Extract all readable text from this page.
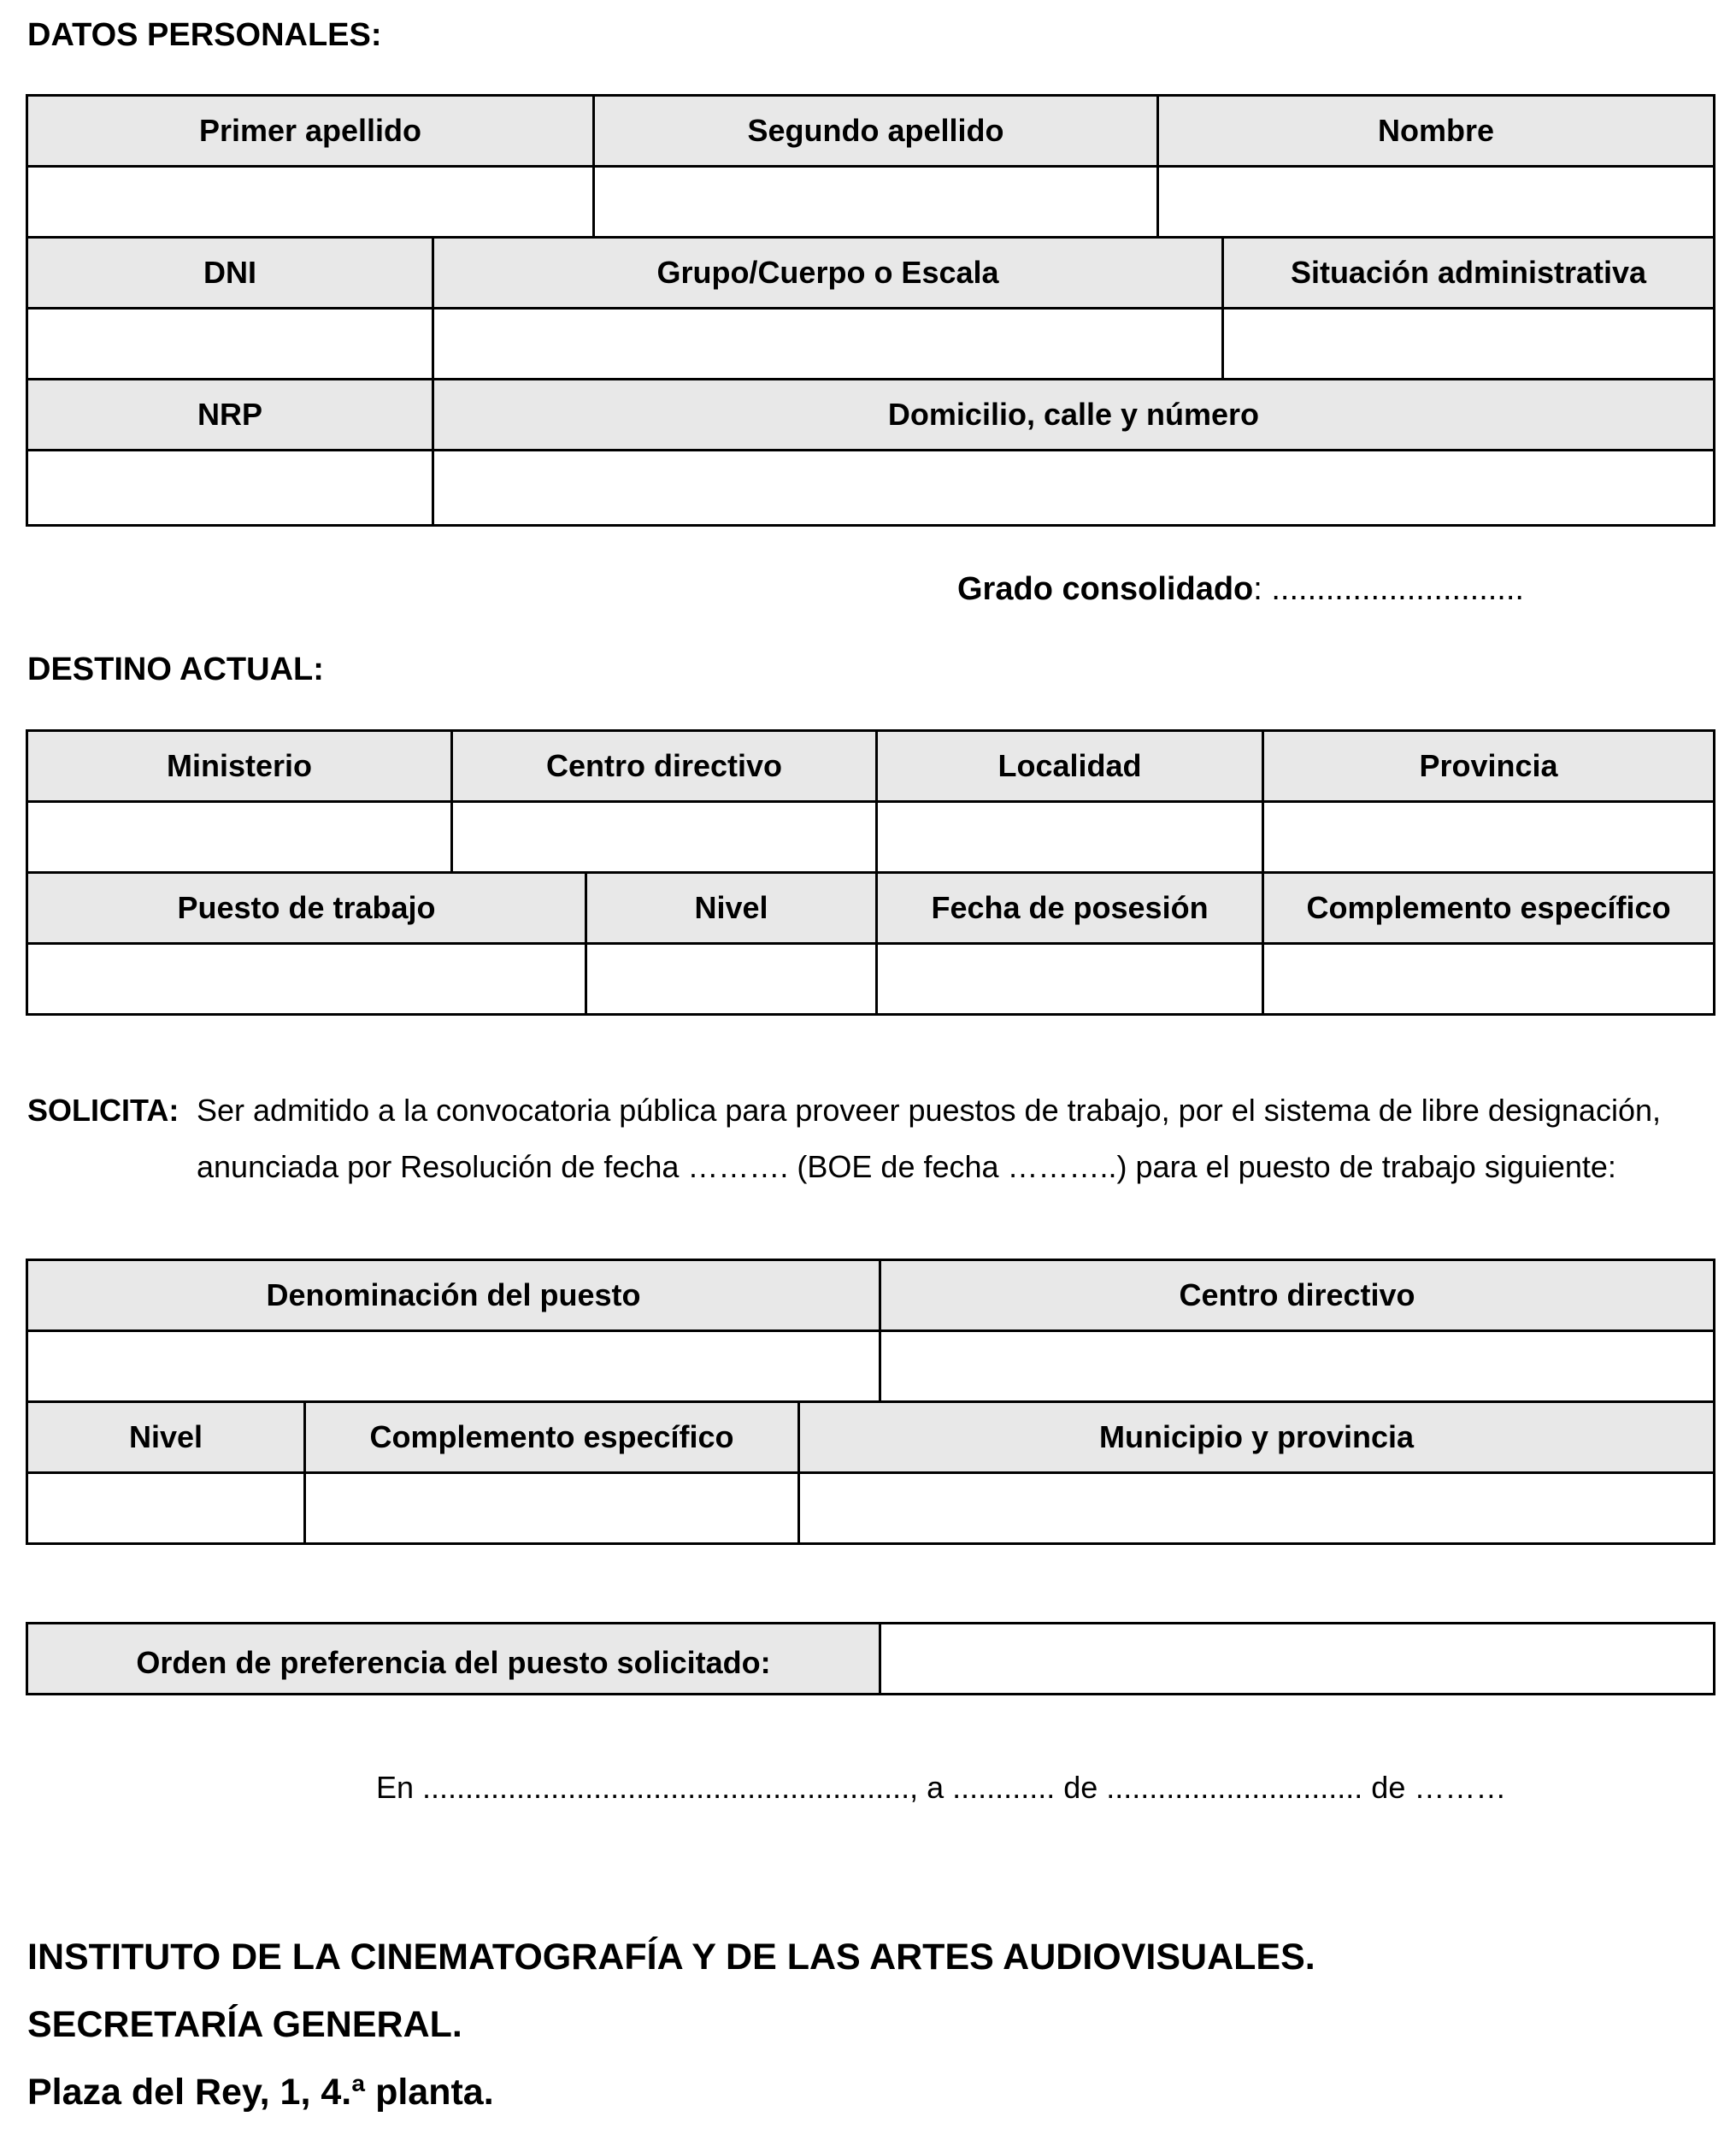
DATOS PERSONALES:
Primer apellido		Segundo apellido	Nombre	

DNI	Grupo/Cuerpo o Escala			Situación administrativa

NRP	Domicilio, calle y número			

Grado consolidado: ............................
DESTINO ACTUAL:
Ministerio	Centro directivo		Localidad	Provincia

Puesto de trabajo		Nivel	Fecha de posesión	Complemento específico

SOLICITA: Ser admitido a la convocatoria pública para proveer puestos de trabajo, por el sistema de libre designación,
anunciada por Resolución de fecha ………. (BOE de fecha ………..) para el puesto de trabajo siguiente:
Denominación del puesto			Centro directivo

Nivel	Complemento específico	Municipio y provincia	

Orden de preferencia del puesto solicitado:	
En ........................................................., a ............ de .............................. de ………
INSTITUTO DE LA CINEMATOGRAFÍA Y DE LAS ARTES AUDIOVISUALES.
SECRETARÍA GENERAL.
Plaza del Rey, 1, 4.ª planta.
